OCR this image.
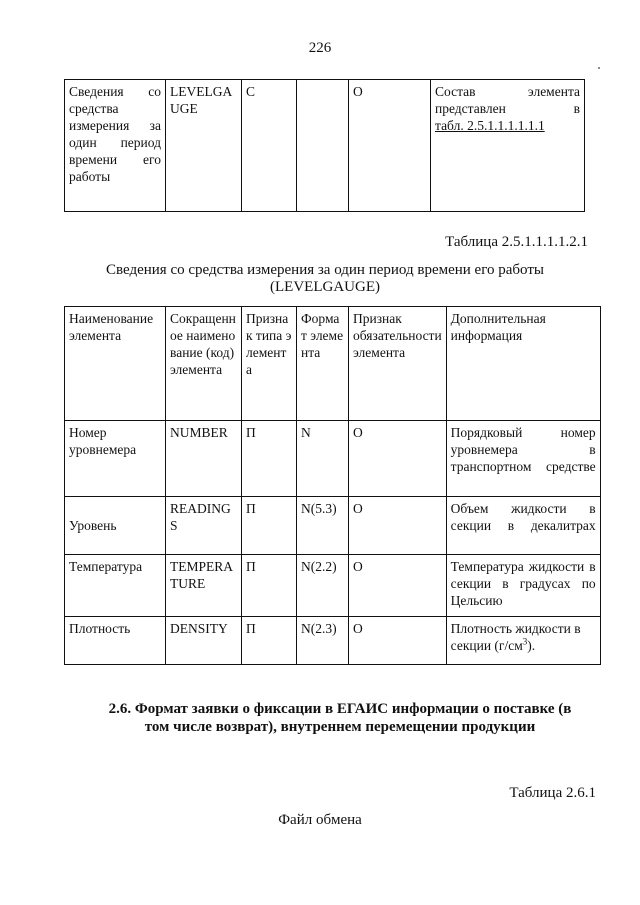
226
Сведения со средства измерения за один период времени его работы	LEVELGAUGE	С		О	Состав элемента представлен в
табл. 2.5.1.1.1.1.1.1
Таблица 2.5.1.1.1.1.2.1
Сведения со средства измерения за один период времени его работы (LEVELGAUGE)
Наименование элемента	Сокращенное наименование (код) элемента	Признак типа элемента	Формат элемента	Признак обязательности элемента	Дополнительная информация
Номер уровнемера	NUMBER	П	N	О	Порядковый номер уровнемера в транспортном средстве
Уровень	READINGS	П	N(5.3)	О	Объем жидкости в секции в декалитрах
Температура	TEMPERATURE	П	N(2.2)	О	Температура жидкости в секции в градусах по Цельсию
Плотность	DENSITY	П	N(2.3)	О	Плотность жидкости в секции $(г/см^3)$.
2.6. Формат заявки о фиксации в ЕГАИС информации о поставке (в том числе возврат), внутреннем перемещении продукции
Таблица 2.6.1
Файл обмена
